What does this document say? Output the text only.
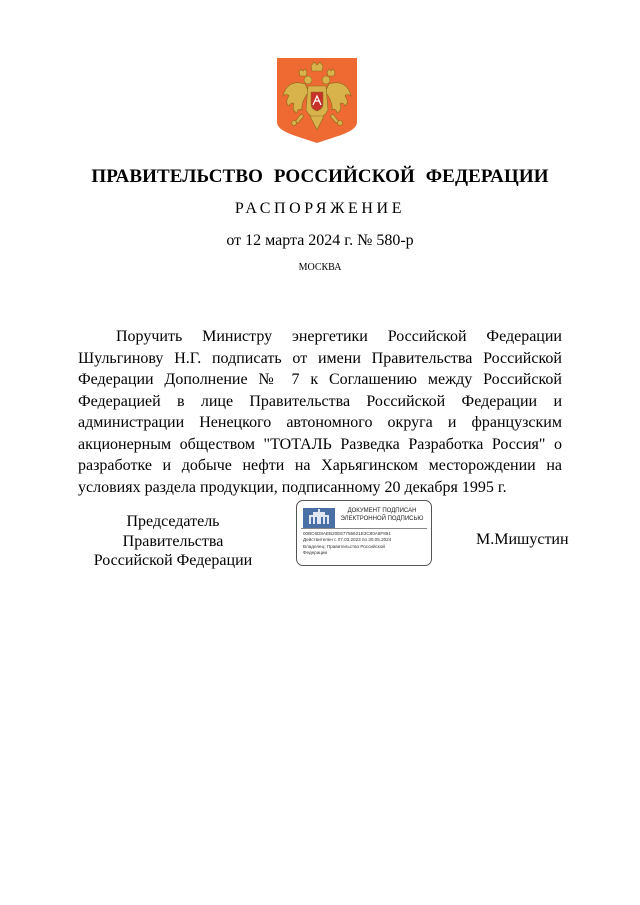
ПРАВИТЕЛЬСТВО РОССИЙСКОЙ ФЕДЕРАЦИИ
РАСПОРЯЖЕНИЕ
от 12 марта 2024 г. № 580-р
МОСКВА

Поручить Министру энергетики Российской Федерации Шульгинову Н.Г. подписать от имени Правительства Российской Федерации Дополнение № 7 к Соглашению между Российской Федерацией в лице Правительства Российской Федерации и администрации Ненецкого автономного округа и французским акционерным обществом "ТОТАЛЬ Разведка Разработка Россия" о разработке и добыче нефти на Харьягинском месторождении на условиях раздела продукции, подписанному 20 декабря 1995 г.

Председатель Правительства
Российской Федерации
ДОКУМЕНТ ПОДПИСАН
ЭЛЕКТРОННОЙ ПОДПИСЬЮ
00BC6D8AEB20E67756621E3C80A8F891
Действителен с 07.03.2023 по 30.05.2024
Владелец: Правительство Российской
Федерации
М.Мишустин
